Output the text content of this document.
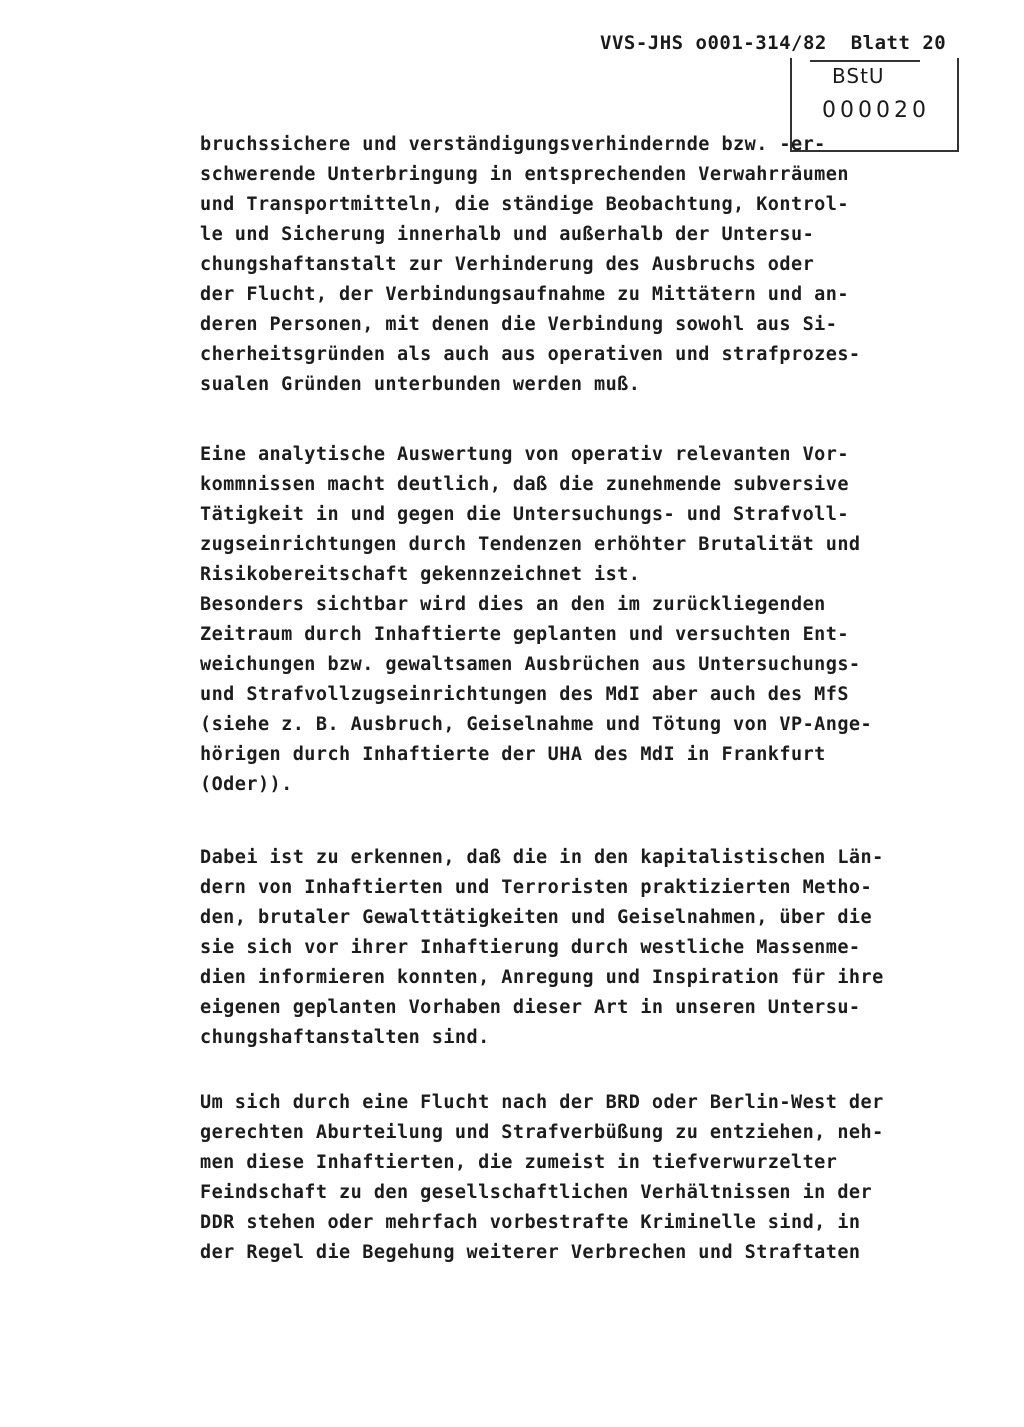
VVS-JHS o001-314/82  Blatt 20
BStU
000020
bruchssichere und verständigungsverhindernde bzw. -er-
schwerende Unterbringung in entsprechenden Verwahrräumen
und Transportmitteln, die ständige Beobachtung, Kontrol-
le und Sicherung innerhalb und außerhalb der Untersu-
chungshaftanstalt zur Verhinderung des Ausbruchs oder
der Flucht, der Verbindungsaufnahme zu Mittätern und an-
deren Personen, mit denen die Verbindung sowohl aus Si-
cherheitsgründen als auch aus operativen und strafprozes-
sualen Gründen unterbunden werden muß.
Eine analytische Auswertung von operativ relevanten Vor-
kommnissen macht deutlich, daß die zunehmende subversive
Tätigkeit in und gegen die Untersuchungs- und Strafvoll-
zugseinrichtungen durch Tendenzen erhöhter Brutalität und
Risikobereitschaft gekennzeichnet ist.
Besonders sichtbar wird dies an den im zurückliegenden
Zeitraum durch Inhaftierte geplanten und versuchten Ent-
weichungen bzw. gewaltsamen Ausbrüchen aus Untersuchungs-
und Strafvollzugseinrichtungen des MdI aber auch des MfS
(siehe z. B. Ausbruch, Geiselnahme und Tötung von VP-Ange-
hörigen durch Inhaftierte der UHA des MdI in Frankfurt
(Oder)).
Dabei ist zu erkennen, daß die in den kapitalistischen Län-
dern von Inhaftierten und Terroristen praktizierten Metho-
den, brutaler Gewalttätigkeiten und Geiselnahmen, über die
sie sich vor ihrer Inhaftierung durch westliche Massenme-
dien informieren konnten, Anregung und Inspiration für ihre
eigenen geplanten Vorhaben dieser Art in unseren Untersu-
chungshaftanstalten sind.
Um sich durch eine Flucht nach der BRD oder Berlin-West der
gerechten Aburteilung und Strafverbüßung zu entziehen, neh-
men diese Inhaftierten, die zumeist in tiefverwurzelter
Feindschaft zu den gesellschaftlichen Verhältnissen in der
DDR stehen oder mehrfach vorbestrafte Kriminelle sind, in
der Regel die Begehung weiterer Verbrechen und Straftaten
